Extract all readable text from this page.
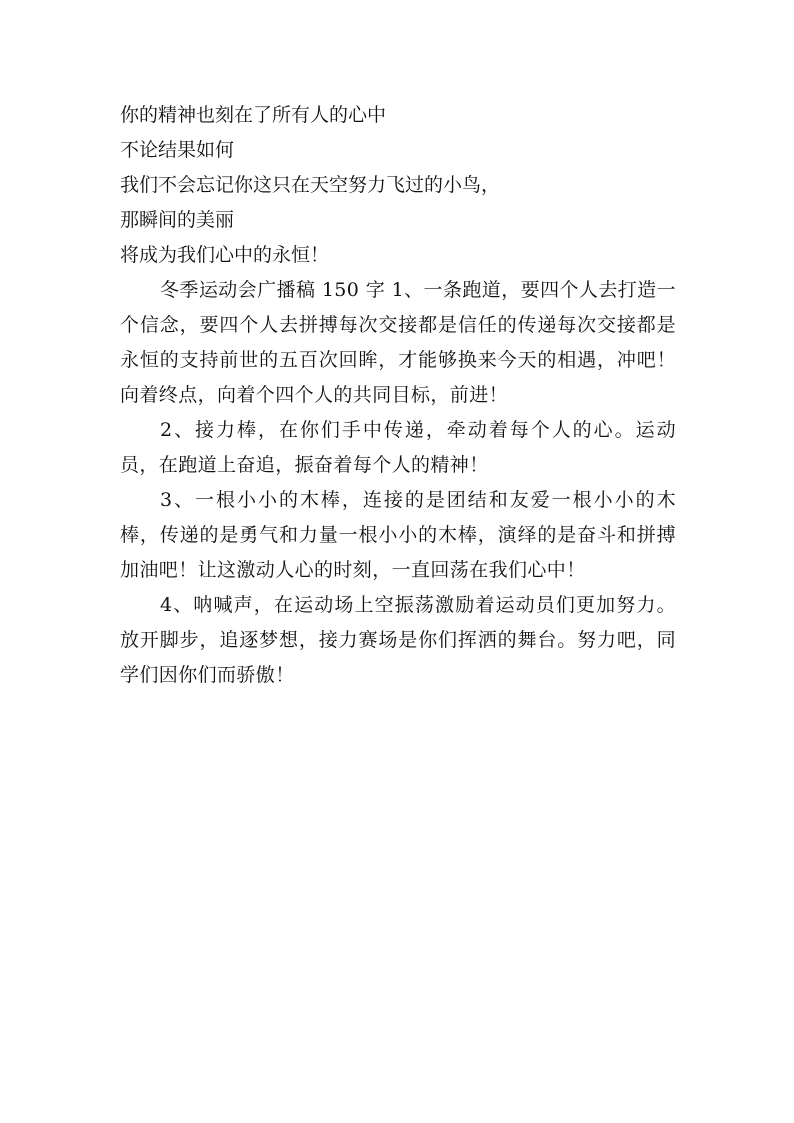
你的精神也刻在了所有人的心中

不论结果如何

我们不会忘记你这只在天空努力飞过的小鸟，

那瞬间的美丽

将成为我们心中的永恒！

冬季运动会广播稿 150 字 1、一条跑道，要四个人去打造一个信念，要四个人去拼搏每次交接都是信任的传递每次交接都是永恒的支持前世的五百次回眸，才能够换来今天的相遇，冲吧！向着终点，向着个四个人的共同目标，前进！

2、接力棒，在你们手中传递，牵动着每个人的心。运动员，在跑道上奋追，振奋着每个人的精神！

3、一根小小的木棒，连接的是团结和友爱一根小小的木棒，传递的是勇气和力量一根小小的木棒，演绎的是奋斗和拼搏加油吧！让这激动人心的时刻，一直回荡在我们心中！

4、呐喊声，在运动场上空振荡激励着运动员们更加努力。放开脚步，追逐梦想，接力赛场是你们挥洒的舞台。努力吧，同学们因你们而骄傲！
